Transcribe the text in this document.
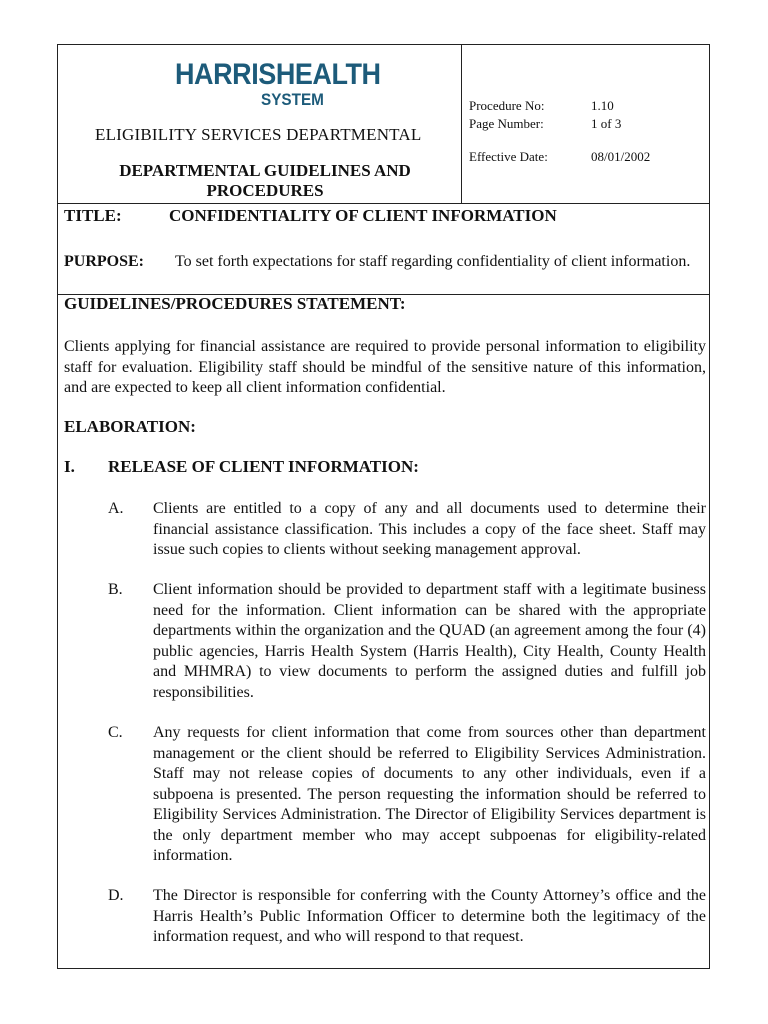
HARRISHEALTH
SYSTEM
ELIGIBILITY SERVICES DEPARTMENTAL
DEPARTMENTAL GUIDELINES AND PROCEDURES
Procedure No:	1.10
Page Number:	1 of 3
Effective Date:	08/01/2002
TITLE:	CONFIDENTIALITY OF CLIENT INFORMATION
PURPOSE: To set forth expectations for staff regarding confidentiality of client information.
GUIDELINES/PROCEDURES STATEMENT:
Clients applying for financial assistance are required to provide personal information to eligibility staff for evaluation. Eligibility staff should be mindful of the sensitive nature of this information, and are expected to keep all client information confidential.
ELABORATION:
I. RELEASE OF CLIENT INFORMATION:
A. Clients are entitled to a copy of any and all documents used to determine their financial assistance classification. This includes a copy of the face sheet. Staff may issue such copies to clients without seeking management approval.
B. Client information should be provided to department staff with a legitimate business need for the information. Client information can be shared with the appropriate departments within the organization and the QUAD (an agreement among the four (4) public agencies, Harris Health System (Harris Health), City Health, County Health and MHMRA) to view documents to perform the assigned duties and fulfill job responsibilities.
C. Any requests for client information that come from sources other than department management or the client should be referred to Eligibility Services Administration. Staff may not release copies of documents to any other individuals, even if a subpoena is presented. The person requesting the information should be referred to Eligibility Services Administration. The Director of Eligibility Services department is the only department member who may accept subpoenas for eligibility-related information.
D. The Director is responsible for conferring with the County Attorney’s office and the Harris Health’s Public Information Officer to determine both the legitimacy of the information request, and who will respond to that request.
